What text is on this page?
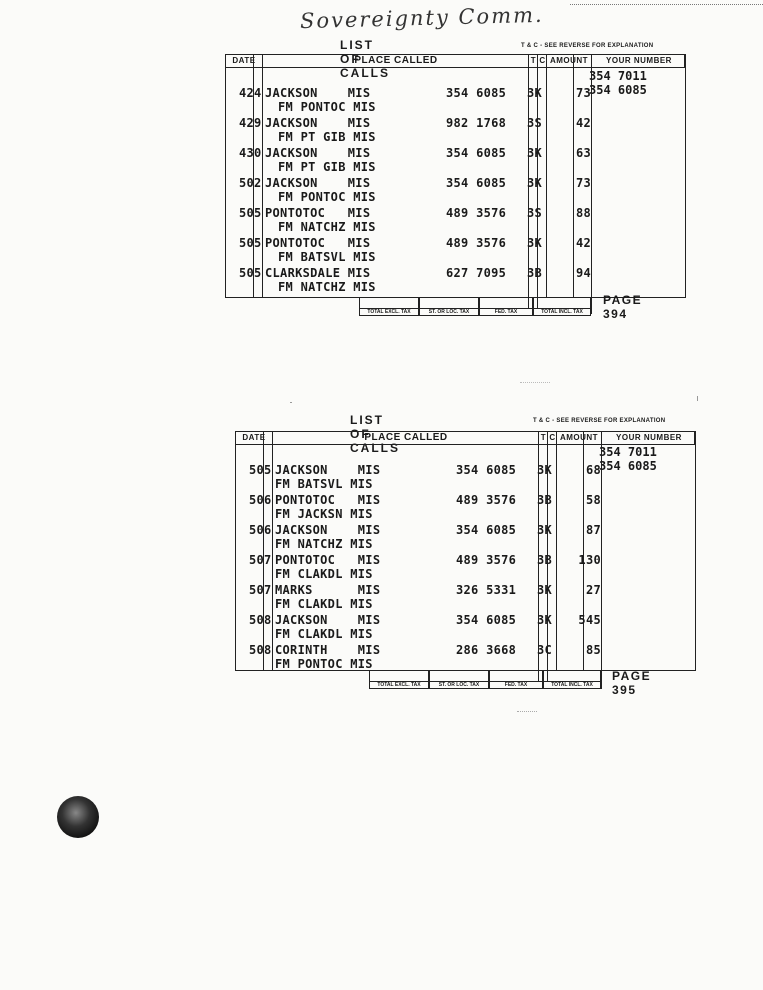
Sovereignty Comm.
LIST OF CALLS
T & C - SEE REVERSE FOR EXPLANATION
DATE	PLACE CALLED	T C AMOUNT	YOUR NUMBER
354 7011
354 6085
424 JACKSON    MIS	354 6085 3K	73
FM PONTOC MIS
429 JACKSON    MIS	982 1768 3S	42
FM PT GIB MIS
430 JACKSON    MIS	354 6085 3K	63
FM PT GIB MIS
502 JACKSON    MIS	354 6085 3K	73
FM PONTOC MIS
505 PONTOTOC   MIS	489 3576 3S	88
FM NATCHZ MIS
505 PONTOTOC   MIS	489 3576 3K	42
FM BATSVL MIS
505 CLARKSDALE MIS	627 7095 3B	94
FM NATCHZ MIS
TOTAL EXCL. TAX	ST. OR LOC. TAX	FED. TAX	TOTAL INCL. TAX
PAGE 394
LIST OF CALLS
T & C - SEE REVERSE FOR EXPLANATION
DATE	PLACE CALLED	T C AMOUNT	YOUR NUMBER
354 7011
354 6085
505 JACKSON    MIS	354 6085 3K	68
FM BATSVL MIS
506 PONTOTOC   MIS	489 3576 3B	58
FM JACKSN MIS
506 JACKSON    MIS	354 6085 3K	87
FM NATCHZ MIS
507 PONTOTOC   MIS	489 3576 3B	130
FM CLAKDL MIS
507 MARKS      MIS	326 5331 3K	27
FM CLAKDL MIS
508 JACKSON    MIS	354 6085 3K	545
FM CLAKDL MIS
508 CORINTH    MIS	286 3668 3C	85
FM PONTOC MIS
TOTAL EXCL. TAX	ST. OR LOC. TAX	FED. TAX	TOTAL INCL. TAX
PAGE 395
